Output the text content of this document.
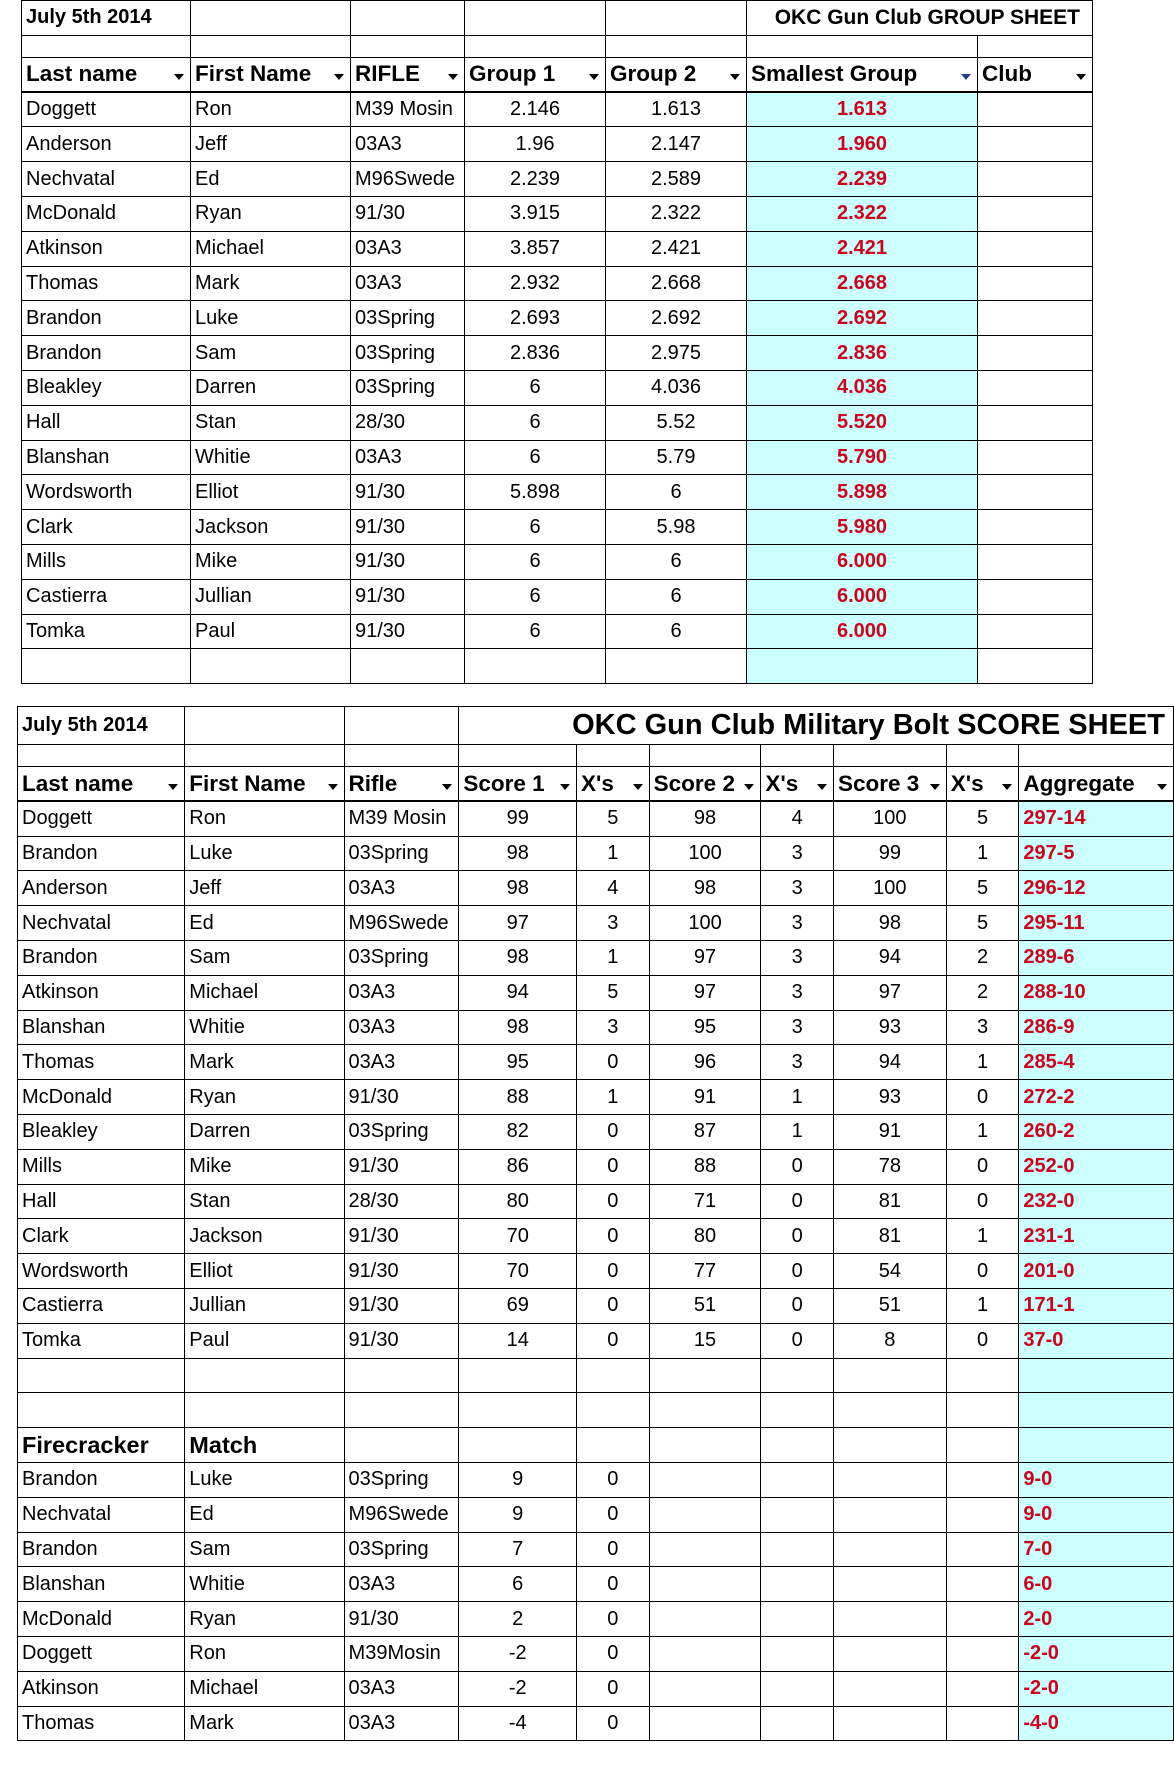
July 5th 2014					OKC Gun Club GROUP SHEET	

Last name	First Name	RIFLE	Group 1	Group 2	Smallest Group	Club

Doggett	Ron	M39 Mosin	2.146	1.613	1.613	
Anderson	Jeff	03A3	1.96	2.147	1.960	
Nechvatal	Ed	M96Swede	2.239	2.589	2.239	
McDonald	Ryan	91/30	3.915	2.322	2.322	
Atkinson	Michael	03A3	3.857	2.421	2.421	
Thomas	Mark	03A3	2.932	2.668	2.668	
Brandon	Luke	03Spring	2.693	2.692	2.692	
Brandon	Sam	03Spring	2.836	2.975	2.836	
Bleakley	Darren	03Spring	6	4.036	4.036	
Hall	Stan	28/30	6	5.52	5.520	
Blanshan	Whitie	03A3	6	5.79	5.790	
Wordsworth	Elliot	91/30	5.898	6	5.898	
Clark	Jackson	91/30	6	5.98	5.980	
Mills	Mike	91/30	6	6	6.000	
Castierra	Jullian	91/30	6	6	6.000	
Tomka	Paul	91/30	6	6	6.000	

July 5th 2014			OKC Gun Club Military Bolt SCORE SHEET						

Last name	First Name	Rifle	Score 1	X's	Score 2	X's	Score 3	X's	Aggregate

Doggett	Ron	M39 Mosin	99	5	98	4	100	5	297-14
Brandon	Luke	03Spring	98	1	100	3	99	1	297-5
Anderson	Jeff	03A3	98	4	98	3	100	5	296-12
Nechvatal	Ed	M96Swede	97	3	100	3	98	5	295-11
Brandon	Sam	03Spring	98	1	97	3	94	2	289-6
Atkinson	Michael	03A3	94	5	97	3	97	2	288-10
Blanshan	Whitie	03A3	98	3	95	3	93	3	286-9
Thomas	Mark	03A3	95	0	96	3	94	1	285-4
McDonald	Ryan	91/30	88	1	91	1	93	0	272-2
Bleakley	Darren	03Spring	82	0	87	1	91	1	260-2
Mills	Mike	91/30	86	0	88	0	78	0	252-0
Hall	Stan	28/30	80	0	71	0	81	0	232-0
Clark	Jackson	91/30	70	0	80	0	81	1	231-1
Wordsworth	Elliot	91/30	70	0	77	0	54	0	201-0
Castierra	Jullian	91/30	69	0	51	0	51	1	171-1
Tomka	Paul	91/30	14	0	15	0	8	0	37-0

Firecracker	Match								
Brandon	Luke	03Spring	9	0					9-0
Nechvatal	Ed	M96Swede	9	0					9-0
Brandon	Sam	03Spring	7	0					7-0
Blanshan	Whitie	03A3	6	0					6-0
McDonald	Ryan	91/30	2	0					2-0
Doggett	Ron	M39Mosin	-2	0					-2-0
Atkinson	Michael	03A3	-2	0					-2-0
Thomas	Mark	03A3	-4	0					-4-0
